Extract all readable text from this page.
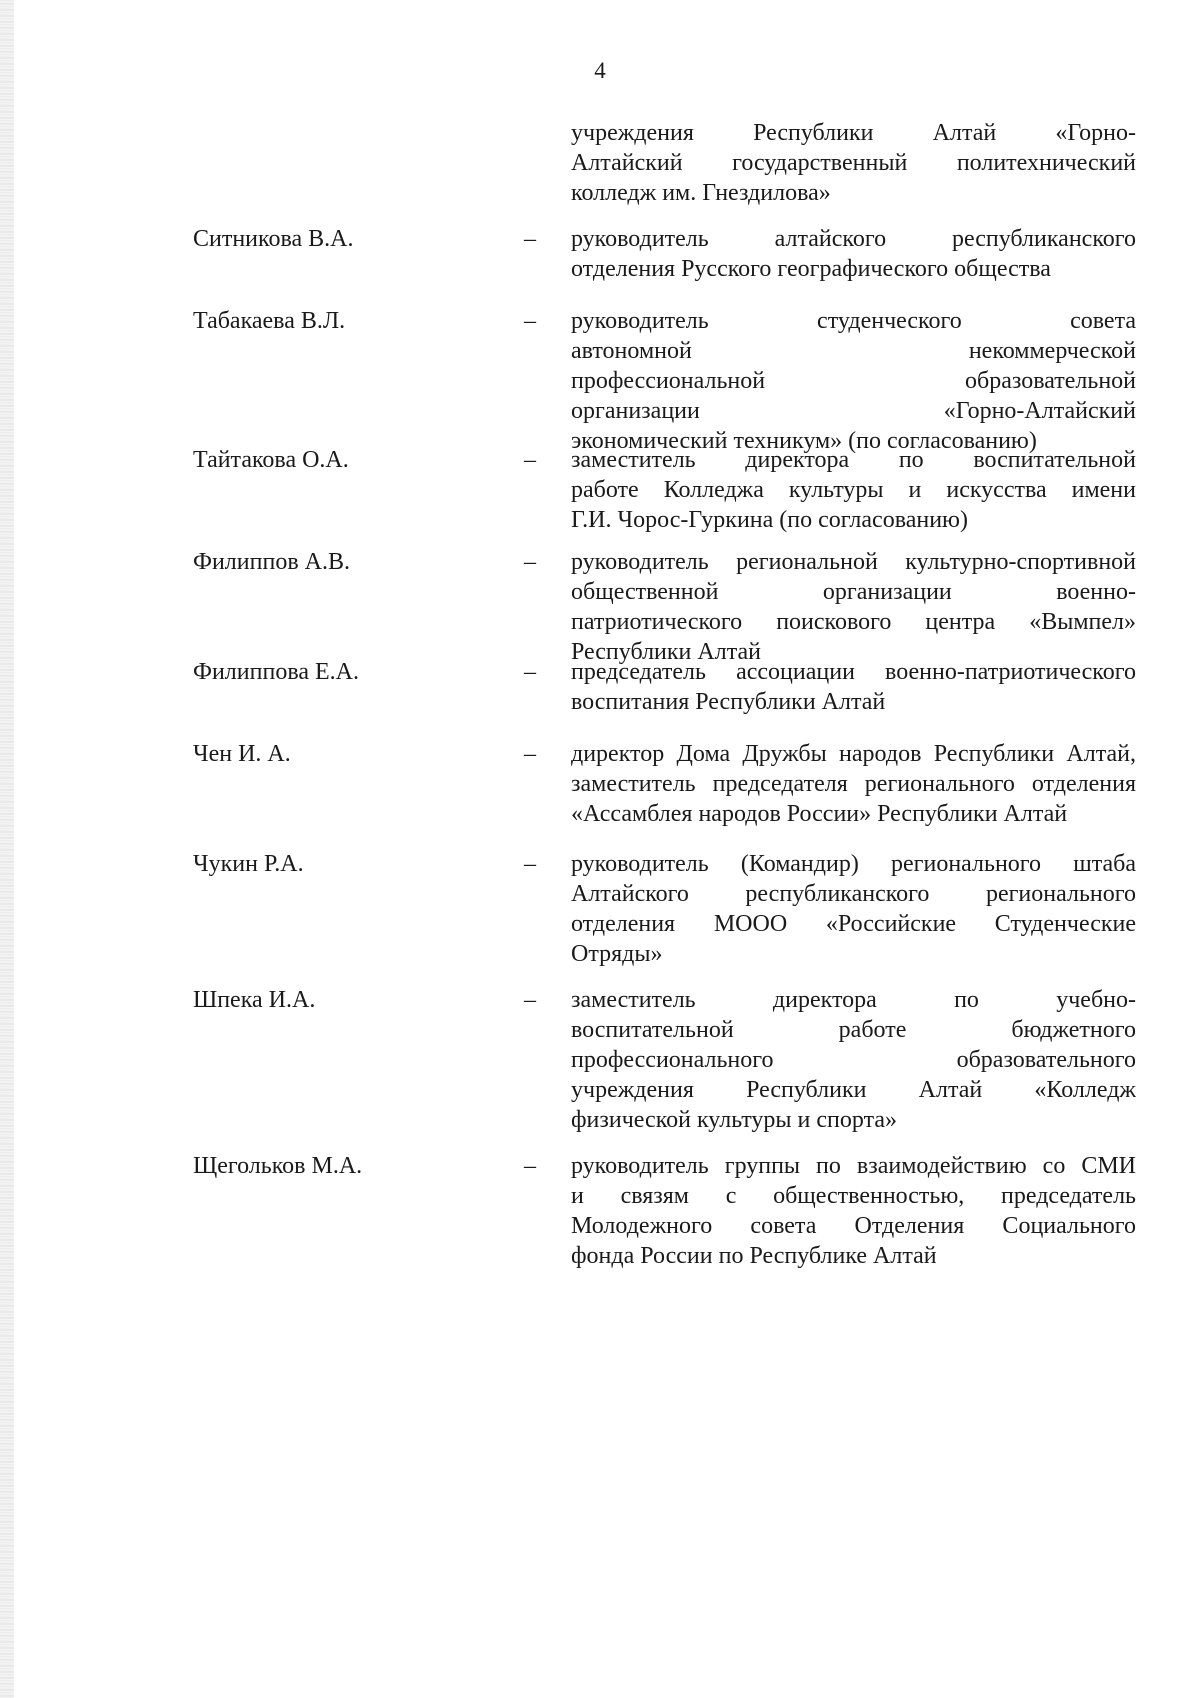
4
учреждения Республики Алтай «Горно-
Алтайский государственный политехнический
колледж им. Гнездилова»
Ситникова В.А.	– руководитель алтайского республиканского
отделения Русского географического общества
Табакаева В.Л.	– руководитель студенческого совета
автономной некоммерческой
профессиональной образовательной
организации «Горно-Алтайский
экономический техникум» (по согласованию)
Тайтакова О.А.	– заместитель директора по воспитательной
работе Колледжа культуры и искусства имени
Г.И. Чорос-Гуркина (по согласованию)
Филиппов А.В.	– руководитель региональной культурно-спортивной
общественной организации военно-
патриотического поискового центра «Вымпел»
Республики Алтай
Филиппова Е.А.	– председатель ассоциации военно-патриотического
воспитания Республики Алтай
Чен И. А.	– директор Дома Дружбы народов Республики Алтай,
заместитель председателя регионального отделения
«Ассамблея народов России» Республики Алтай
Чукин Р.А.	– руководитель (Командир) регионального штаба
Алтайского республиканского регионального
отделения МООО «Российские Студенческие
Отряды»
Шпека И.А.	– заместитель директора по учебно-
воспитательной работе бюджетного
профессионального образовательного
учреждения Республики Алтай «Колледж
физической культуры и спорта»
Щегольков М.А.	– руководитель группы по взаимодействию со СМИ
и связям с общественностью, председатель
Молодежного совета Отделения Социального
фонда России по Республике Алтай
